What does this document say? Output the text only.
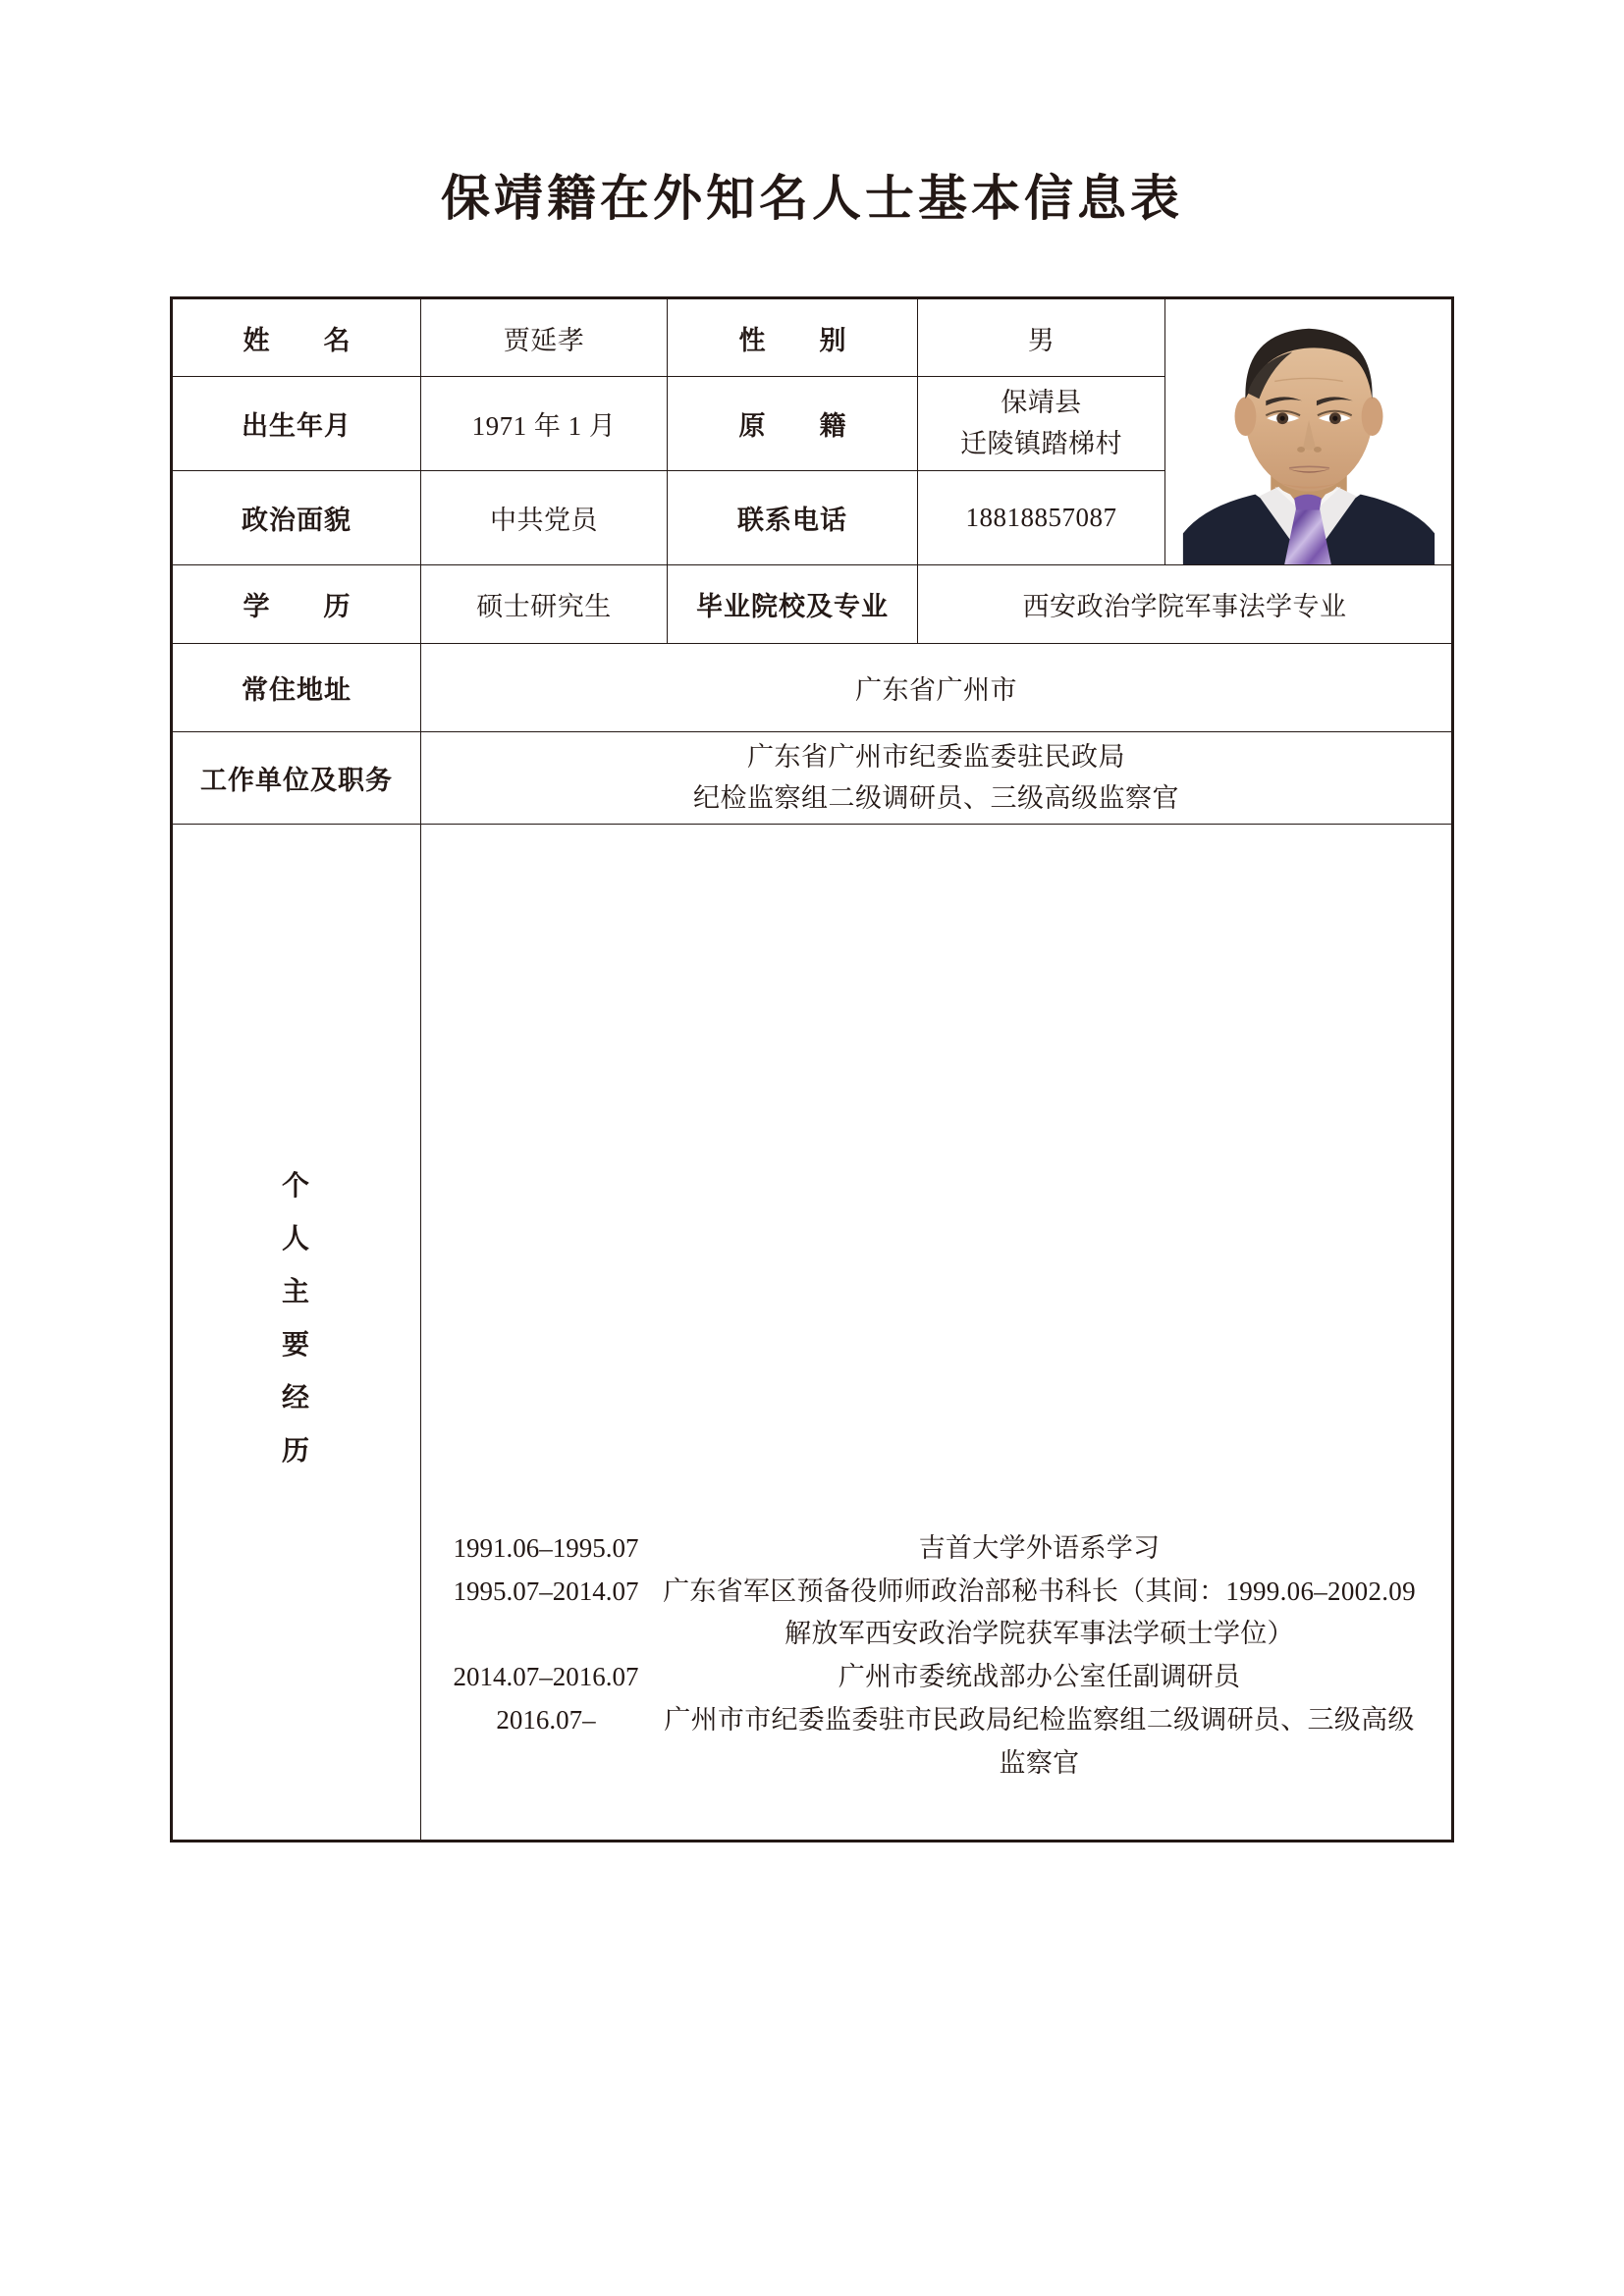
保靖籍在外知名人士基本信息表
姓　名	贾延孝	性　别	男	

出生年月	1971 年 1 月	原　籍	保靖县
迁陵镇踏梯村	

政治面貌	中共党员	联系电话	18818857087	
学　历	硕士研究生	毕业院校及专业	西安政治学院军事法学专业	
常住地址	广东省广州市			
工作单位及职务	广东省广州市纪委监委驻民政局
纪检监察组二级调研员、三级高级监察官			

个
人
主
要
经
历

1991.06–1995.07	吉首大学外语系学习
1995.07–2014.07 广东省军区预备役师师政治部秘书科长（其间：1999.06–2002.09 解放军西安政治学院获军事法学硕士学位）
2014.07–2016.07	广州市委统战部办公室任副调研员
2016.07–	广州市市纪委监委驻市民政局纪检监察组二级调研员、三级高级监察官
